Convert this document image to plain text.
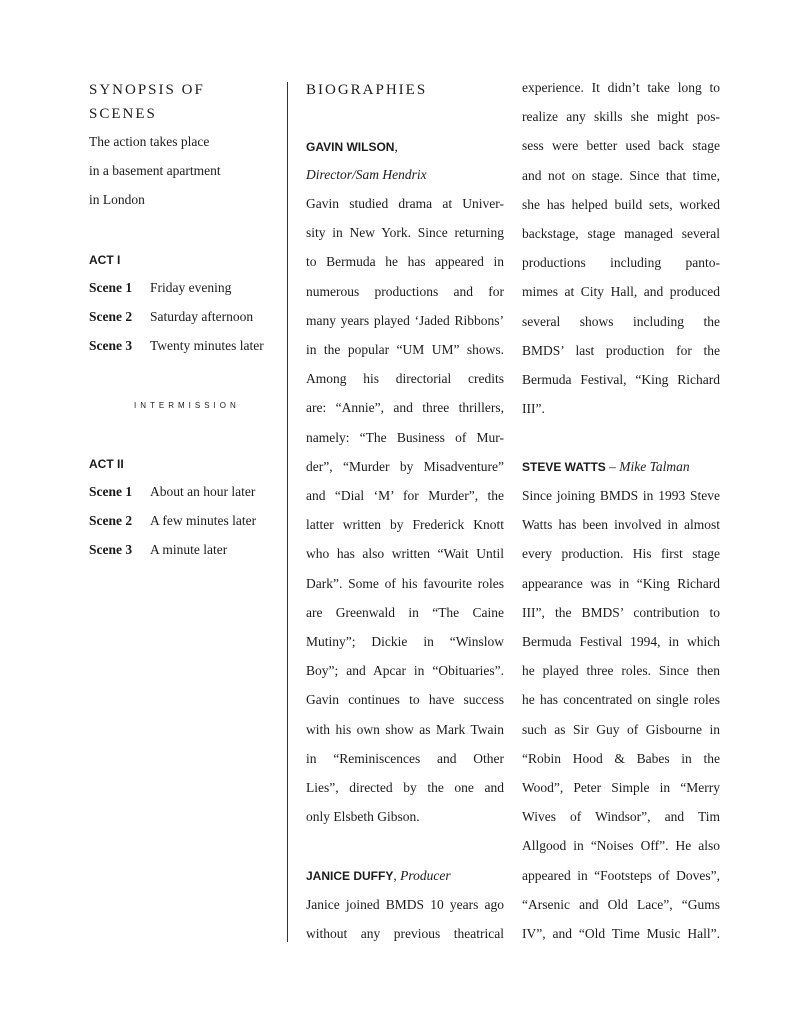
SYNOPSIS OF
SCENES
The action takes place
in a basement apartment
in London
ACT I
Scene 1 Friday evening
Scene 2 Saturday afternoon
Scene 3 Twenty minutes later
INTERMISSION
ACT II
Scene 1 About an hour later
Scene 2 A few minutes later
Scene 3 A minute later
BIOGRAPHIES
GAVIN WILSON,
Director/Sam Hendrix
Gavin studied drama at Univer-
sity in New York. Since returning
to Bermuda he has appeared in
numerous productions and for
many years played ‘Jaded Ribbons’
in the popular “UM UM” shows.
Among his directorial credits
are: “Annie”, and three thrillers,
namely: “The Business of Mur-
der”, “Murder by Misadventure”
and “Dial ‘M’ for Murder”, the
latter written by Frederick Knott
who has also written “Wait Until
Dark”. Some of his favourite roles
are Greenwald in “The Caine
Mutiny”; Dickie in “Winslow
Boy”; and Apcar in “Obituaries”.
Gavin continues to have success
with his own show as Mark Twain
in “Reminiscences and Other
Lies”, directed by the one and
only Elsbeth Gibson.
JANICE DUFFY, Producer
Janice joined BMDS 10 years ago
without any previous theatrical
experience. It didn’t take long to
realize any skills she might pos-
sess were better used back stage
and not on stage. Since that time,
she has helped build sets, worked
backstage, stage managed several
productions including panto-
mimes at City Hall, and produced
several shows including the
BMDS’ last production for the
Bermuda Festival, “King Richard
III”.
STEVE WATTS – Mike Talman
Since joining BMDS in 1993 Steve
Watts has been involved in almost
every production. His first stage
appearance was in “King Richard
III”, the BMDS’ contribution to
Bermuda Festival 1994, in which
he played three roles. Since then
he has concentrated on single roles
such as Sir Guy of Gisbourne in
“Robin Hood & Babes in the
Wood”, Peter Simple in “Merry
Wives of Windsor”, and Tim
Allgood in “Noises Off”. He also
appeared in “Footsteps of Doves”,
“Arsenic and Old Lace”, “Gums
IV”, and “Old Time Music Hall”.
